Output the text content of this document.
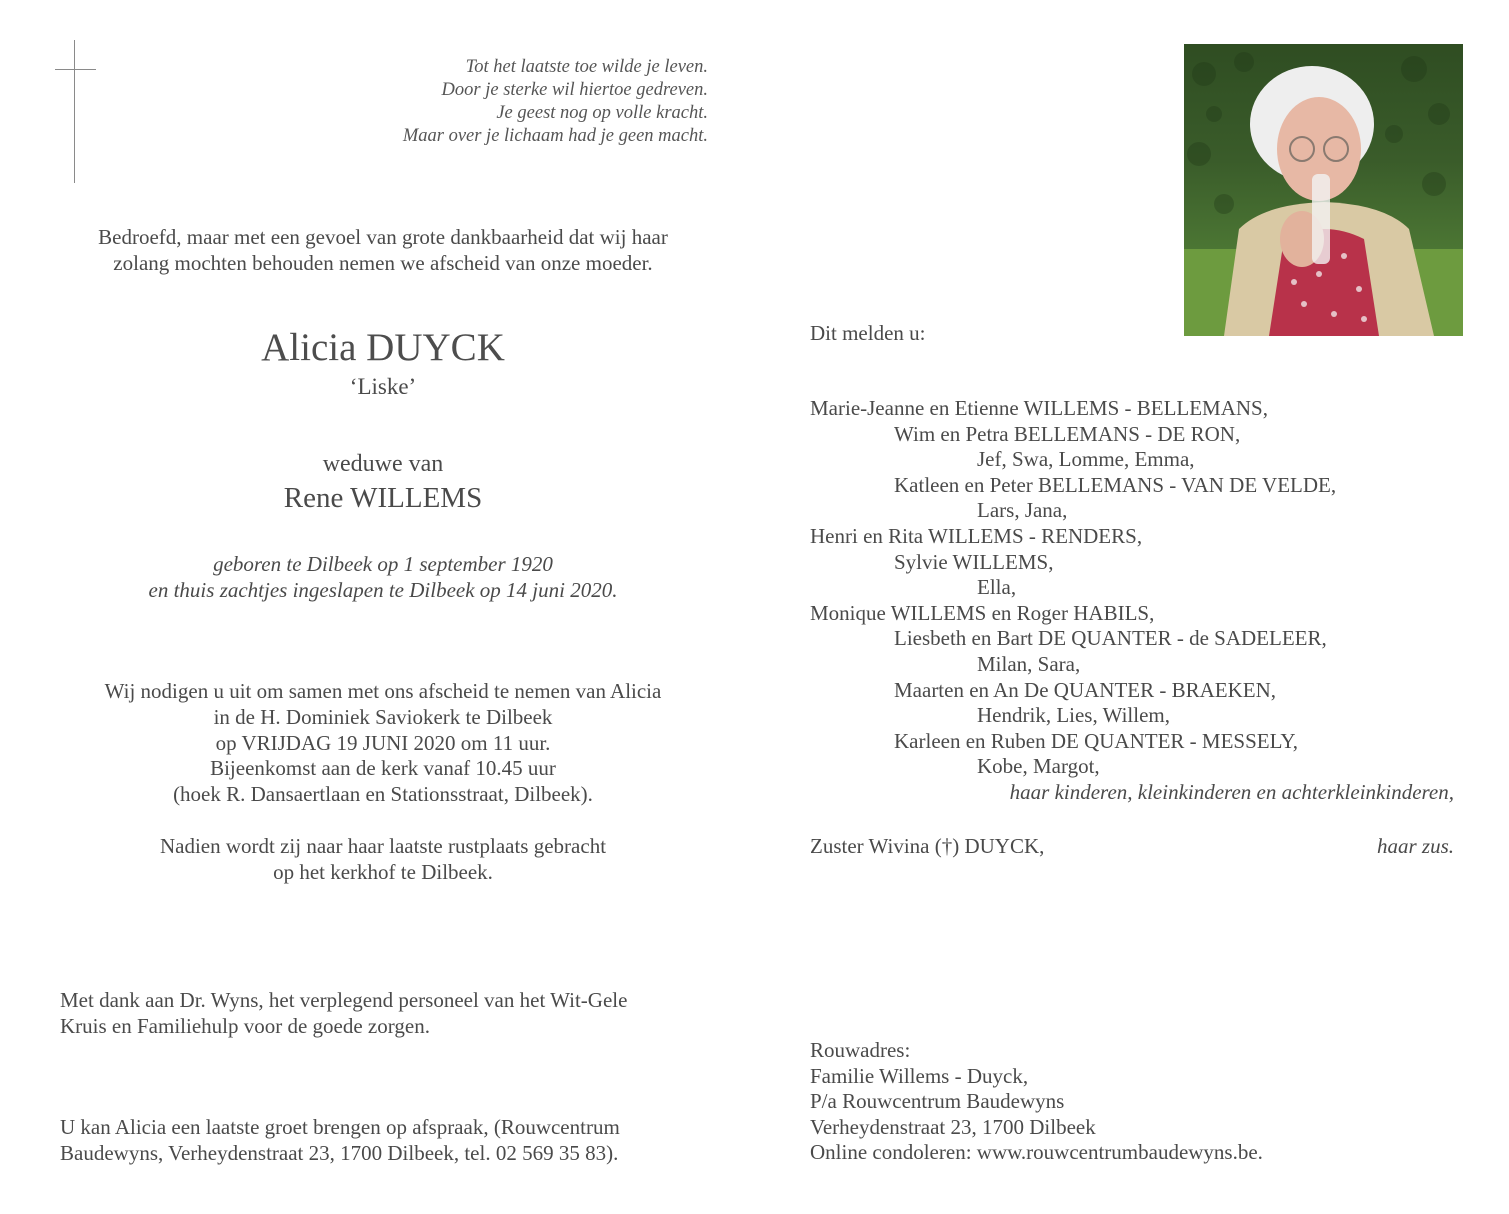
Tot het laatste toe wilde je leven.
Door je sterke wil hiertoe gedreven.
Je geest nog op volle kracht.
Maar over je lichaam had je geen macht.
Bedroefd, maar met een gevoel van grote dankbaarheid dat wij haar
zolang mochten behouden nemen we afscheid van onze moeder.
Alicia DUYCK
‘Liske’
weduwe van
Rene WILLEMS
geboren te Dilbeek op 1 september 1920
en thuis zachtjes ingeslapen te Dilbeek op 14 juni 2020.
Wij nodigen u uit om samen met ons afscheid te nemen van Alicia
in de H. Dominiek Saviokerk te Dilbeek
op VRIJDAG 19 JUNI 2020 om 11 uur.
Bijeenkomst aan de kerk vanaf 10.45 uur
(hoek R. Dansaertlaan en Stationsstraat, Dilbeek).
Nadien wordt zij naar haar laatste rustplaats gebracht
op het kerkhof te Dilbeek.
Met dank aan Dr. Wyns, het verplegend personeel van het Wit-Gele
Kruis en Familiehulp voor de goede zorgen.
U kan Alicia een laatste groet brengen op afspraak, (Rouwcentrum
Baudewyns, Verheydenstraat 23, 1700 Dilbeek, tel. 02 569 35 83).
Dit melden u:
Marie-Jeanne en Etienne WILLEMS - BELLEMANS,
Wim en Petra BELLEMANS - DE RON,
Jef, Swa, Lomme, Emma,
Katleen en Peter BELLEMANS - VAN DE VELDE,
Lars, Jana,
Henri en Rita WILLEMS - RENDERS,
Sylvie WILLEMS,
Ella,
Monique WILLEMS en Roger HABILS,
Liesbeth en Bart DE QUANTER - de SADELEER,
Milan, Sara,
Maarten en An De QUANTER - BRAEKEN,
Hendrik, Lies, Willem,
Karleen en Ruben DE QUANTER - MESSELY,
Kobe, Margot,
haar kinderen, kleinkinderen en achterkleinkinderen,
Zuster Wivina (†) DUYCK,	haar zus.
Rouwadres:
Familie Willems - Duyck,
P/a Rouwcentrum Baudewyns
Verheydenstraat 23, 1700 Dilbeek
Online condoleren: www.rouwcentrumbaudewyns.be.
